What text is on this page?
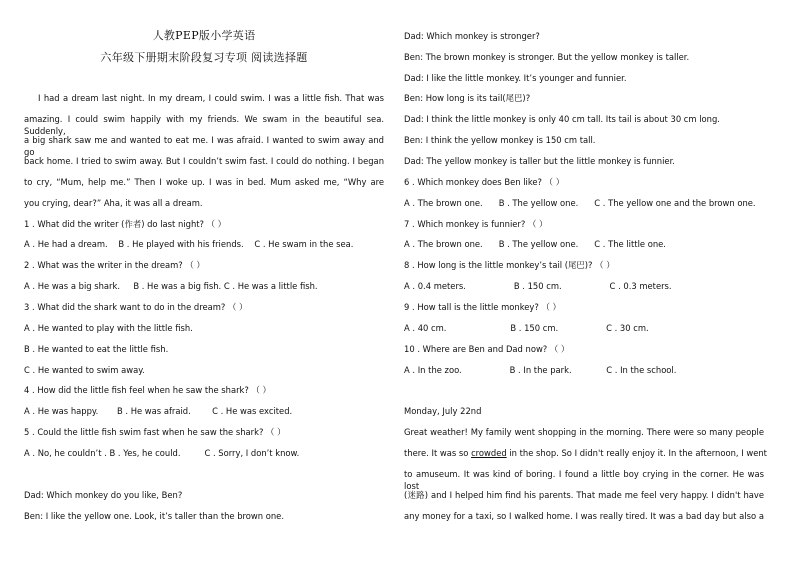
人教PEP版小学英语
六年级下册期末阶段复习专项 阅读选择题
I had a dream last night. In my dream, I could swim. I was a little fish. That was
amazing. I could swim happily with my friends. We swam in the beautiful sea. Suddenly,
a big shark saw me and wanted to eat me. I was afraid. I wanted to swim away and go
back home. I tried to swim away. But I couldn’t swim fast. I could do nothing. I began
to cry, “Mum, help me.” Then I woke up. I was in bed. Mum asked me, “Why are
you crying, dear?” Aha, it was all a dream.
1 . What did the writer (作者) do last night? （ ）
A . He had a dream.    B . He played with his friends.    C . He swam in the sea.
2 . What was the writer in the dream? （ ）
A . He was a big shark.     B . He was a big fish. C . He was a little fish.
3 . What did the shark want to do in the dream? （ ）
A . He wanted to play with the little fish.
B . He wanted to eat the little fish.
C . He wanted to swim away.
4 . How did the little fish feel when he saw the shark? （ ）
A . He was happy.       B . He was afraid.        C . He was excited.
5 . Could the little fish swim fast when he saw the shark? （ ）
A . No, he couldn’t . B . Yes, he could.         C . Sorry, I don’t know.
Dad: Which monkey do you like, Ben?
Ben: I like the yellow one. Look, it’s taller than the brown one.
Dad: Which monkey is stronger?
Ben: The brown monkey is stronger. But the yellow monkey is taller.
Dad: I like the little monkey. It’s younger and funnier.
Ben: How long is its tail(尾巴)?
Dad: I think the little monkey is only 40 cm tall. Its tail is about 30 cm long.
Ben: I think the yellow monkey is 150 cm tall.
Dad: The yellow monkey is taller but the little monkey is funnier.
6 . Which monkey does Ben like? （ ）
A . The brown one.      B . The yellow one.      C . The yellow one and the brown one.
7 . Which monkey is funnier? （ ）
A . The brown one.      B . The yellow one.      C . The little one.
8 . How long is the little monkey’s tail (尾巴)? （ ）
A . 0.4 meters.                  B . 150 cm.                  C . 0.3 meters.
9 . How tall is the little monkey? （ ）
A . 40 cm.                        B . 150 cm.                  C . 30 cm.
10 . Where are Ben and Dad now? （ ）
A . In the zoo.                  B . In the park.             C . In the school.
Monday, July 22nd
Great weather! My family went shopping in the morning. There were so many people
there. It was so crowded in the shop. So I didn't really enjoy it. In the afternoon, I went
to amuseum. It was kind of boring. I found a little boy crying in the corner. He was lost
(迷路) and I helped him find his parents. That made me feel very happy. I didn't have
any money for a taxi, so I walked home. I was really tired. It was a bad day but also a
